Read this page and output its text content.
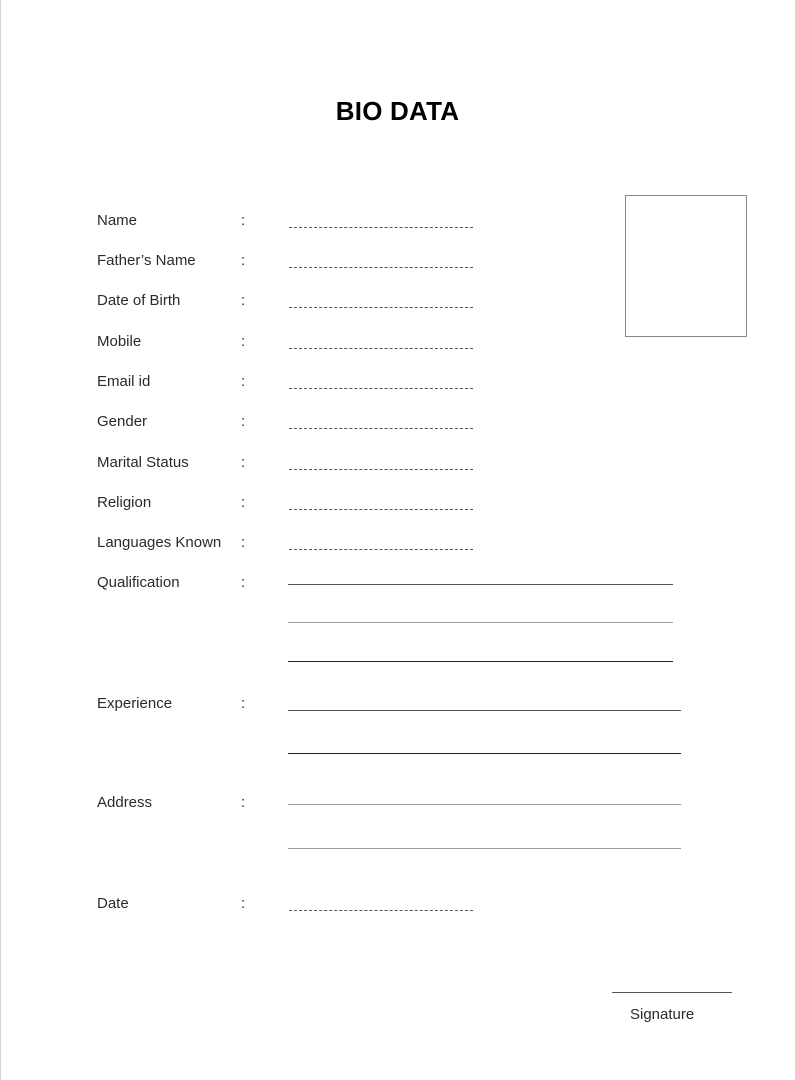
BIO DATA
Name	:
Father’s Name	:
Date of Birth	:
Mobile	:
Email id	:
Gender	:
Marital Status	:
Religion	:
Languages Known :
Qualification	:
Experience	:
Address	:
Date	:
Signature
